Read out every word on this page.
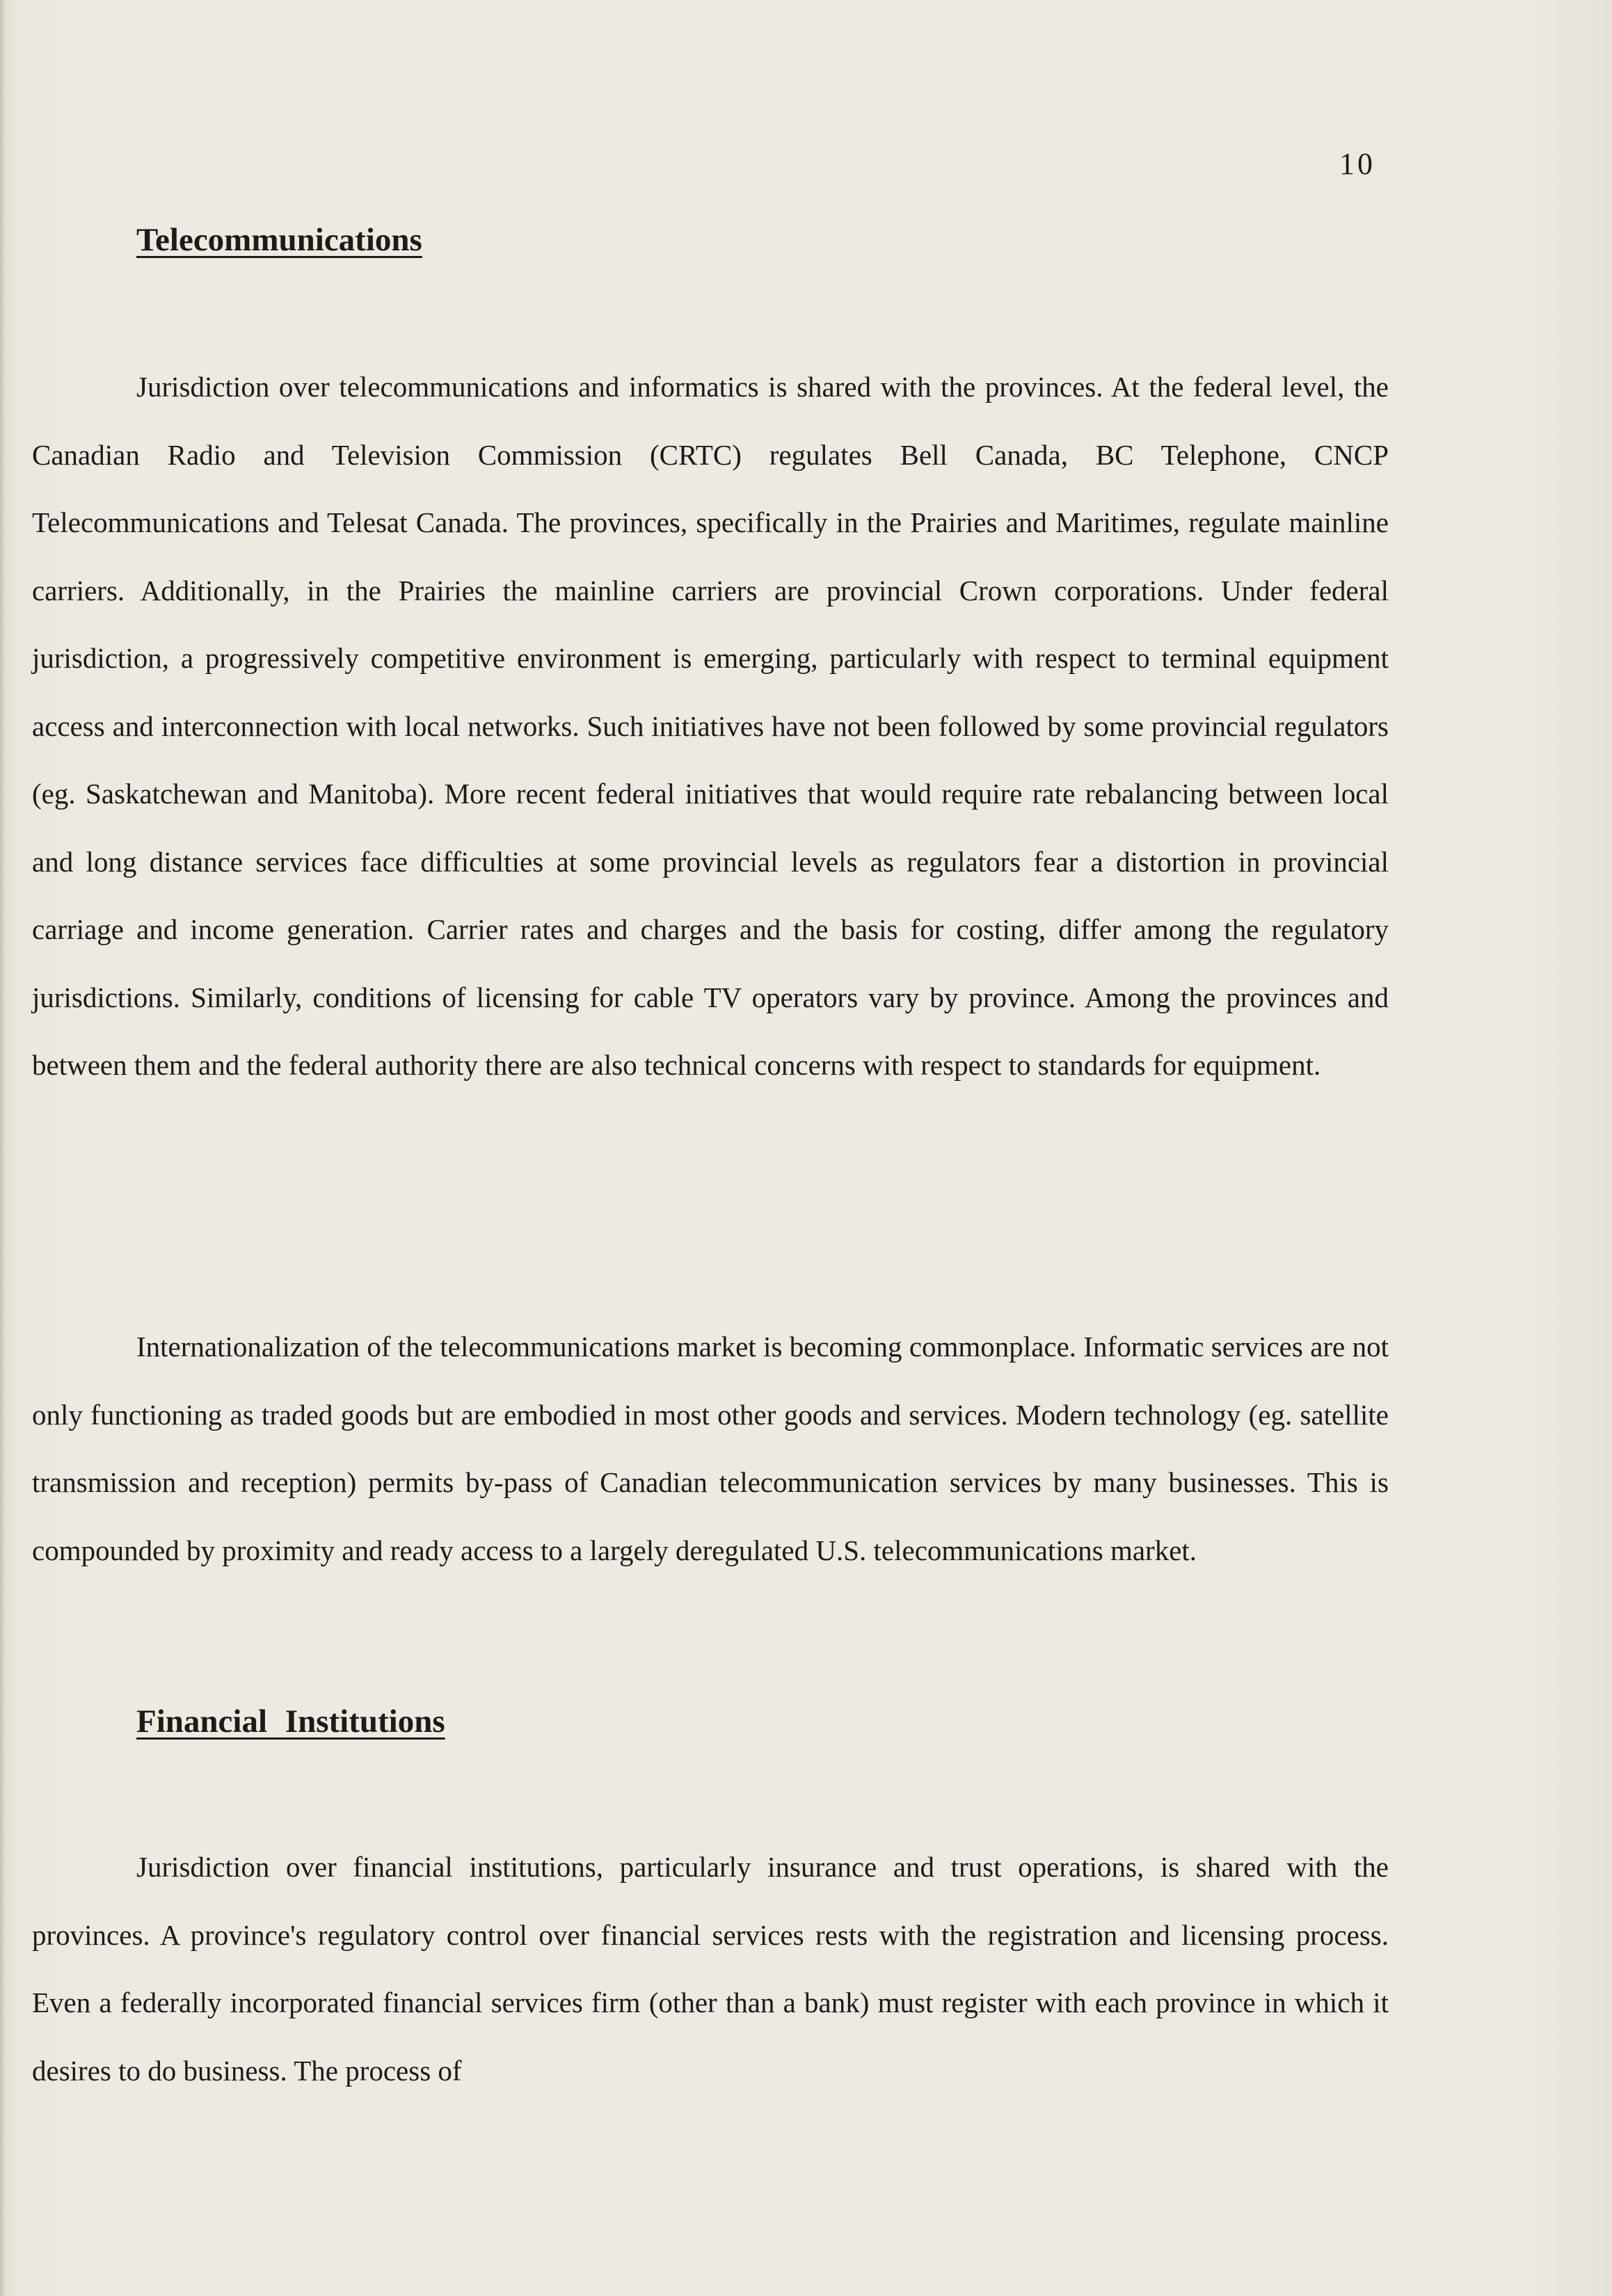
10
Telecommunications

Jurisdiction over telecommunications and informatics is shared with the provinces. At the federal level, the Canadian Radio and Television Commission (CRTC) regulates Bell Canada, BC Telephone, CNCP Telecommunications and Telesat Canada. The provinces, specifically in the Prairies and Maritimes, regulate mainline carriers. Additionally, in the Prairies the mainline carriers are provincial Crown corporations. Under federal jurisdiction, a progressively competitive environment is emerging, particularly with respect to terminal equipment access and interconnection with local networks. Such initiatives have not been followed by some provincial regulators (eg. Saskatchewan and Manitoba). More recent federal initiatives that would require rate rebalancing between local and long distance services face difficulties at some provincial levels as regulators fear a distortion in provincial carriage and income generation. Carrier rates and charges and the basis for costing, differ among the regulatory jurisdictions. Similarly, conditions of licensing for cable TV operators vary by province. Among the provinces and between them and the federal authority there are also technical concerns with respect to standards for equipment.

Internationalization of the telecommunications market is becoming commonplace. Informatic services are not only functioning as traded goods but are embodied in most other goods and services. Modern technology (eg. satellite transmission and reception) permits by-pass of Canadian telecommunication services by many businesses. This is compounded by proximity and ready access to a largely deregulated U.S. telecommunications market.

Financial Institutions

Jurisdiction over financial institutions, particularly insurance and trust operations, is shared with the provinces. A province's regulatory control over financial services rests with the registration and licensing process. Even a federally incorporated financial services firm (other than a bank) must register with each province in which it desires to do business. The process of
